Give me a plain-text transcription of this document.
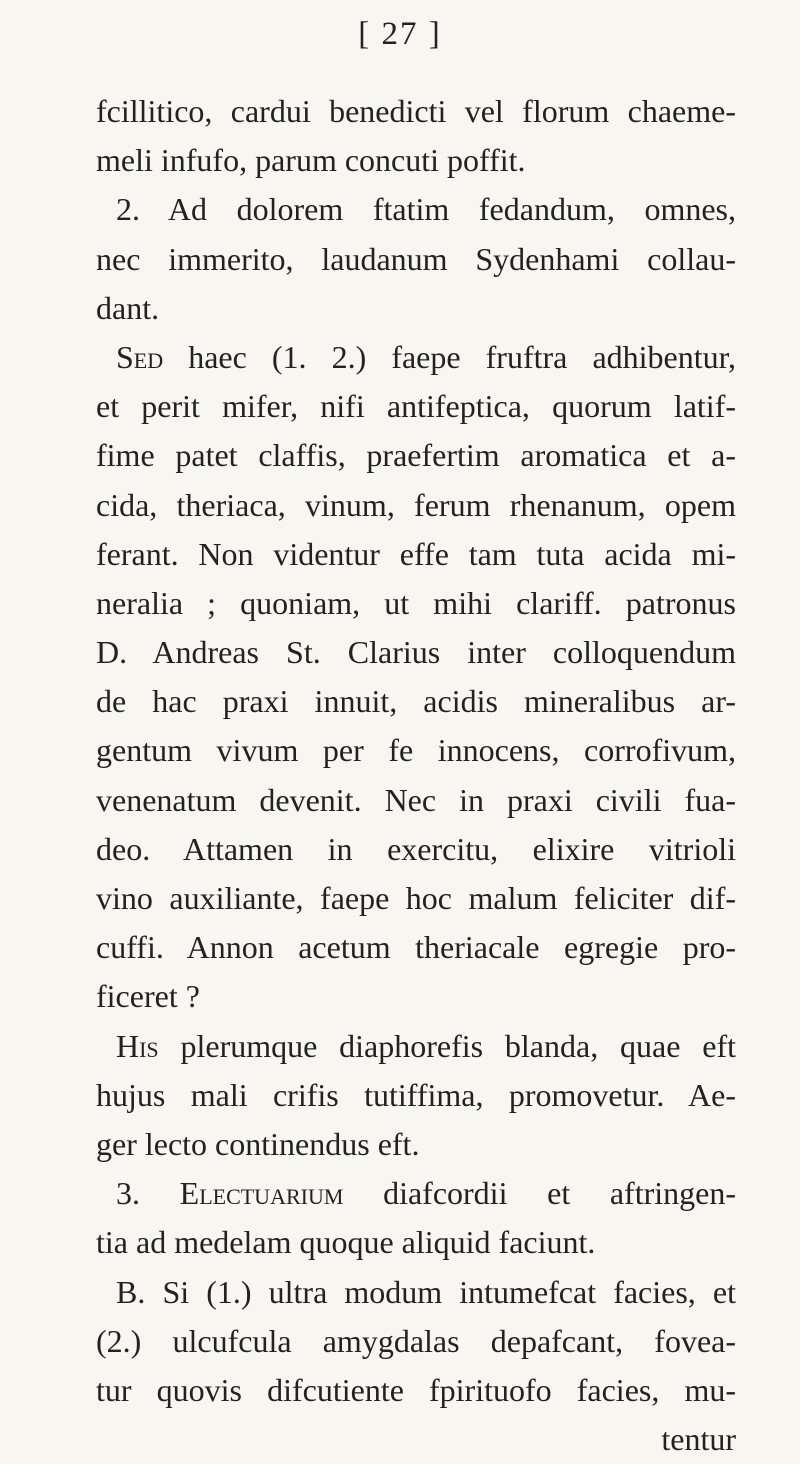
[ 27 ]
fcillitico, cardui benedicti vel florum chaeme-
meli infufo, parum concuti poffit.
2. Ad dolorem ftatim fedandum, omnes,
nec immerito, laudanum Sydenhami collau-
dant.
Sed haec (1. 2.) faepe fruftra adhibentur,
et perit mifer, nifi antifeptica, quorum latif-
fime patet claffis, praefertim aromatica et a-
cida, theriaca, vinum, ferum rhenanum, opem
ferant. Non videntur effe tam tuta acida mi-
neralia ; quoniam, ut mihi clariff. patronus
D. Andreas St. Clarius inter colloquendum
de hac praxi innuit, acidis mineralibus ar-
gentum vivum per fe innocens, corrofivum,
venenatum devenit. Nec in praxi civili fua-
deo. Attamen in exercitu, elixire vitrioli
vino auxiliante, faepe hoc malum feliciter dif-
cuffi. Annon acetum theriacale egregie pro-
ficeret ?
His plerumque diaphorefis blanda, quae eft
hujus mali crifis tutiffima, promovetur. Ae-
ger lecto continendus eft.
3. Electuarium diafcordii et aftringen-
tia ad medelam quoque aliquid faciunt.
B. Si (1.) ultra modum intumefcat facies, et
(2.) ulcufcula amygdalas depafcant, fovea-
tur quovis difcutiente fpirituofo facies, mu-
tentur
